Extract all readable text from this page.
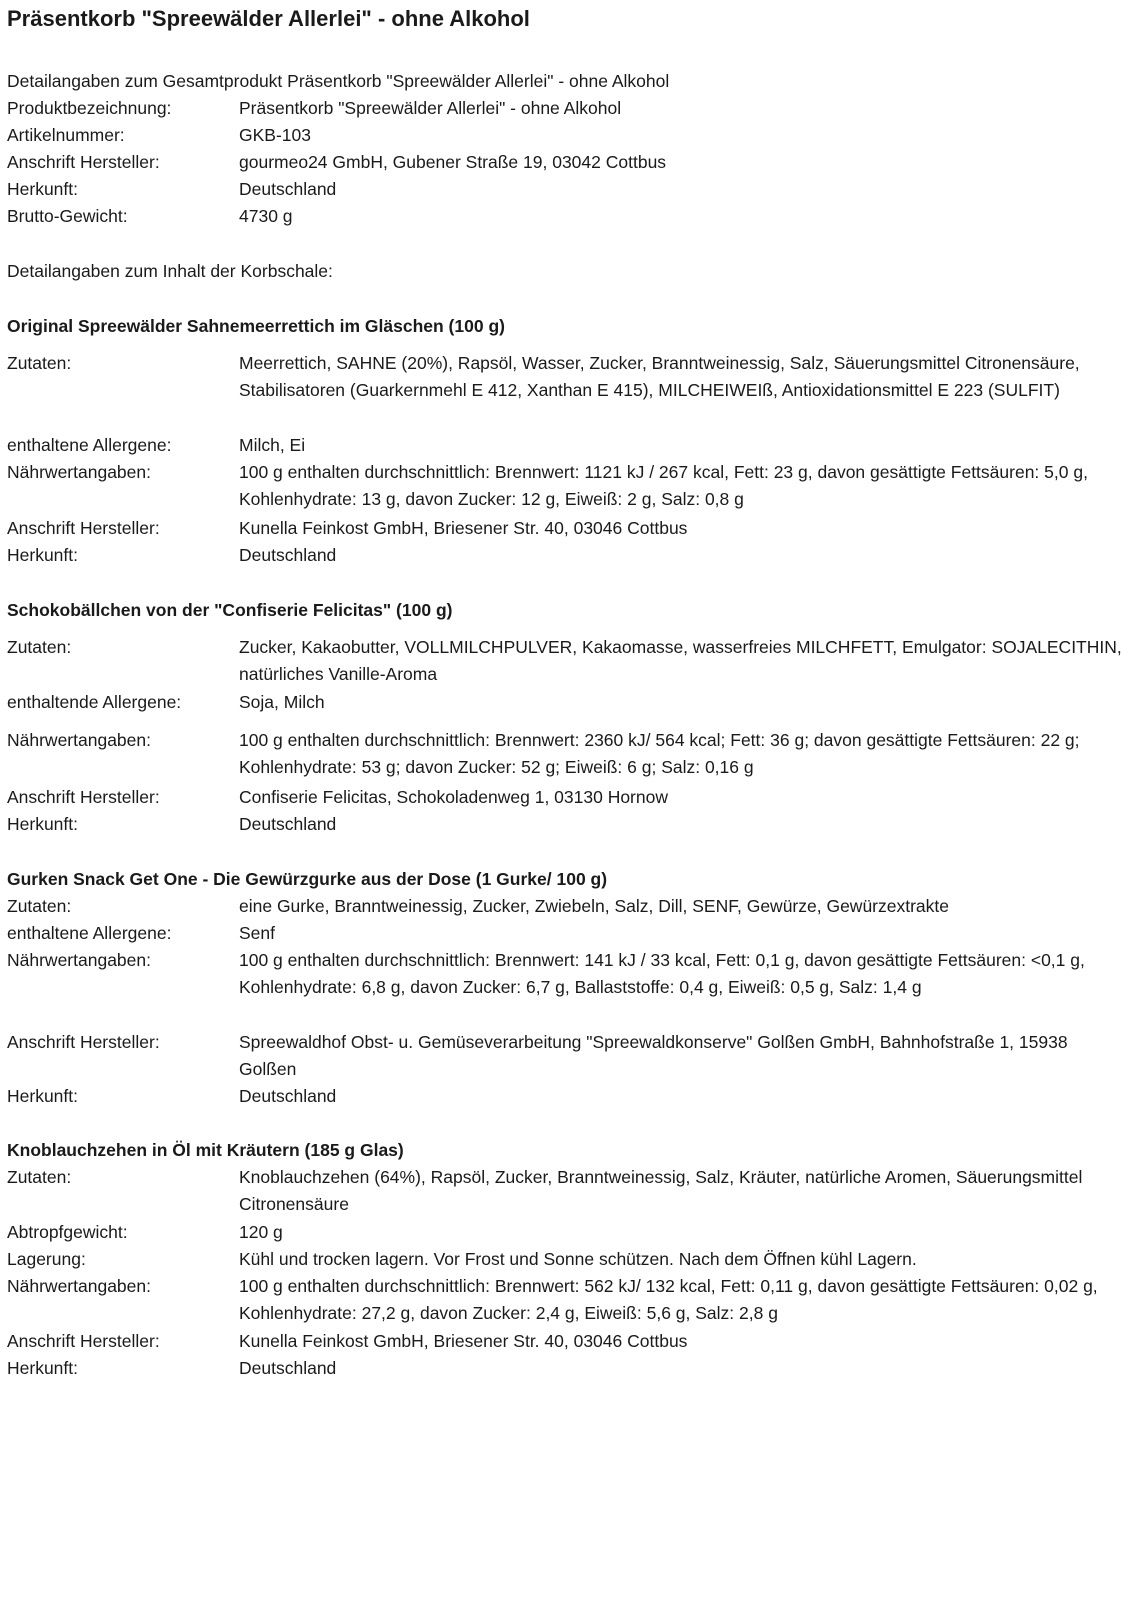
Präsentkorb "Spreewälder Allerlei" - ohne Alkohol
Detailangaben zum Gesamtprodukt Präsentkorb "Spreewälder Allerlei" - ohne Alkohol
Produktbezeichnung:	Präsentkorb "Spreewälder Allerlei" - ohne Alkohol
Artikelnummer:	GKB-103
Anschrift Hersteller:	gourmeo24 GmbH, Gubener Straße 19, 03042 Cottbus
Herkunft:	Deutschland
Brutto-Gewicht:	4730 g
Detailangaben zum Inhalt der Korbschale:
Original Spreewälder Sahnemeerrettich im Gläschen (100 g)
Zutaten:	Meerrettich, SAHNE (20%), Rapsöl, Wasser, Zucker, Branntweinessig, Salz, Säuerungsmittel Citronensäure, Stabilisatoren (Guarkernmehl E 412, Xanthan E 415), MILCHEIWEIß, Antioxidationsmittel E 223 (SULFIT)
enthaltene Allergene:	Milch, Ei
Nährwertangaben:	100 g enthalten durchschnittlich: Brennwert: 1121 kJ / 267 kcal, Fett: 23 g, davon gesättigte Fettsäuren: 5,0 g, Kohlenhydrate: 13 g, davon Zucker: 12 g, Eiweiß: 2 g, Salz: 0,8 g
Anschrift Hersteller:	Kunella Feinkost GmbH, Briesener Str. 40, 03046 Cottbus
Herkunft:	Deutschland
Schokobällchen von der "Confiserie Felicitas" (100 g)
Zutaten:	Zucker, Kakaobutter, VOLLMILCHPULVER, Kakaomasse, wasserfreies MILCHFETT, Emulgator: SOJALECITHIN, natürliches Vanille-Aroma
enthaltende Allergene:	Soja, Milch
Nährwertangaben:	100 g enthalten durchschnittlich: Brennwert: 2360 kJ/ 564 kcal; Fett: 36 g; davon gesättigte Fettsäuren: 22 g; Kohlenhydrate: 53 g; davon Zucker: 52 g; Eiweiß: 6 g; Salz: 0,16 g
Anschrift Hersteller:	Confiserie Felicitas, Schokoladenweg 1, 03130 Hornow
Herkunft:	Deutschland
Gurken Snack Get One - Die Gewürzgurke aus der Dose (1 Gurke/ 100 g)
Zutaten:	eine Gurke, Branntweinessig, Zucker, Zwiebeln, Salz, Dill, SENF, Gewürze, Gewürzextrakte
enthaltene Allergene:	Senf
Nährwertangaben:	100 g enthalten durchschnittlich: Brennwert: 141 kJ / 33 kcal, Fett: 0,1 g, davon gesättigte Fettsäuren: <0,1 g, Kohlenhydrate: 6,8 g, davon Zucker: 6,7 g, Ballaststoffe: 0,4 g, Eiweiß: 0,5 g, Salz: 1,4 g
Anschrift Hersteller:	Spreewaldhof Obst- u. Gemüseverarbeitung "Spreewaldkonserve" Golßen GmbH, Bahnhofstraße 1, 15938 Golßen
Herkunft:	Deutschland
Knoblauchzehen in Öl mit Kräutern (185 g Glas)
Zutaten:	Knoblauchzehen (64%), Rapsöl, Zucker, Branntweinessig, Salz, Kräuter, natürliche Aromen, Säuerungsmittel Citronensäure
Abtropfgewicht:	120 g
Lagerung:	Kühl und trocken lagern. Vor Frost und Sonne schützen. Nach dem Öffnen kühl Lagern.
Nährwertangaben:	100 g enthalten durchschnittlich: Brennwert: 562 kJ/ 132 kcal, Fett: 0,11 g, davon gesättigte Fettsäuren: 0,02 g, Kohlenhydrate: 27,2 g, davon Zucker: 2,4 g, Eiweiß: 5,6 g, Salz: 2,8 g
Anschrift Hersteller:	Kunella Feinkost GmbH, Briesener Str. 40, 03046 Cottbus
Herkunft:	Deutschland
